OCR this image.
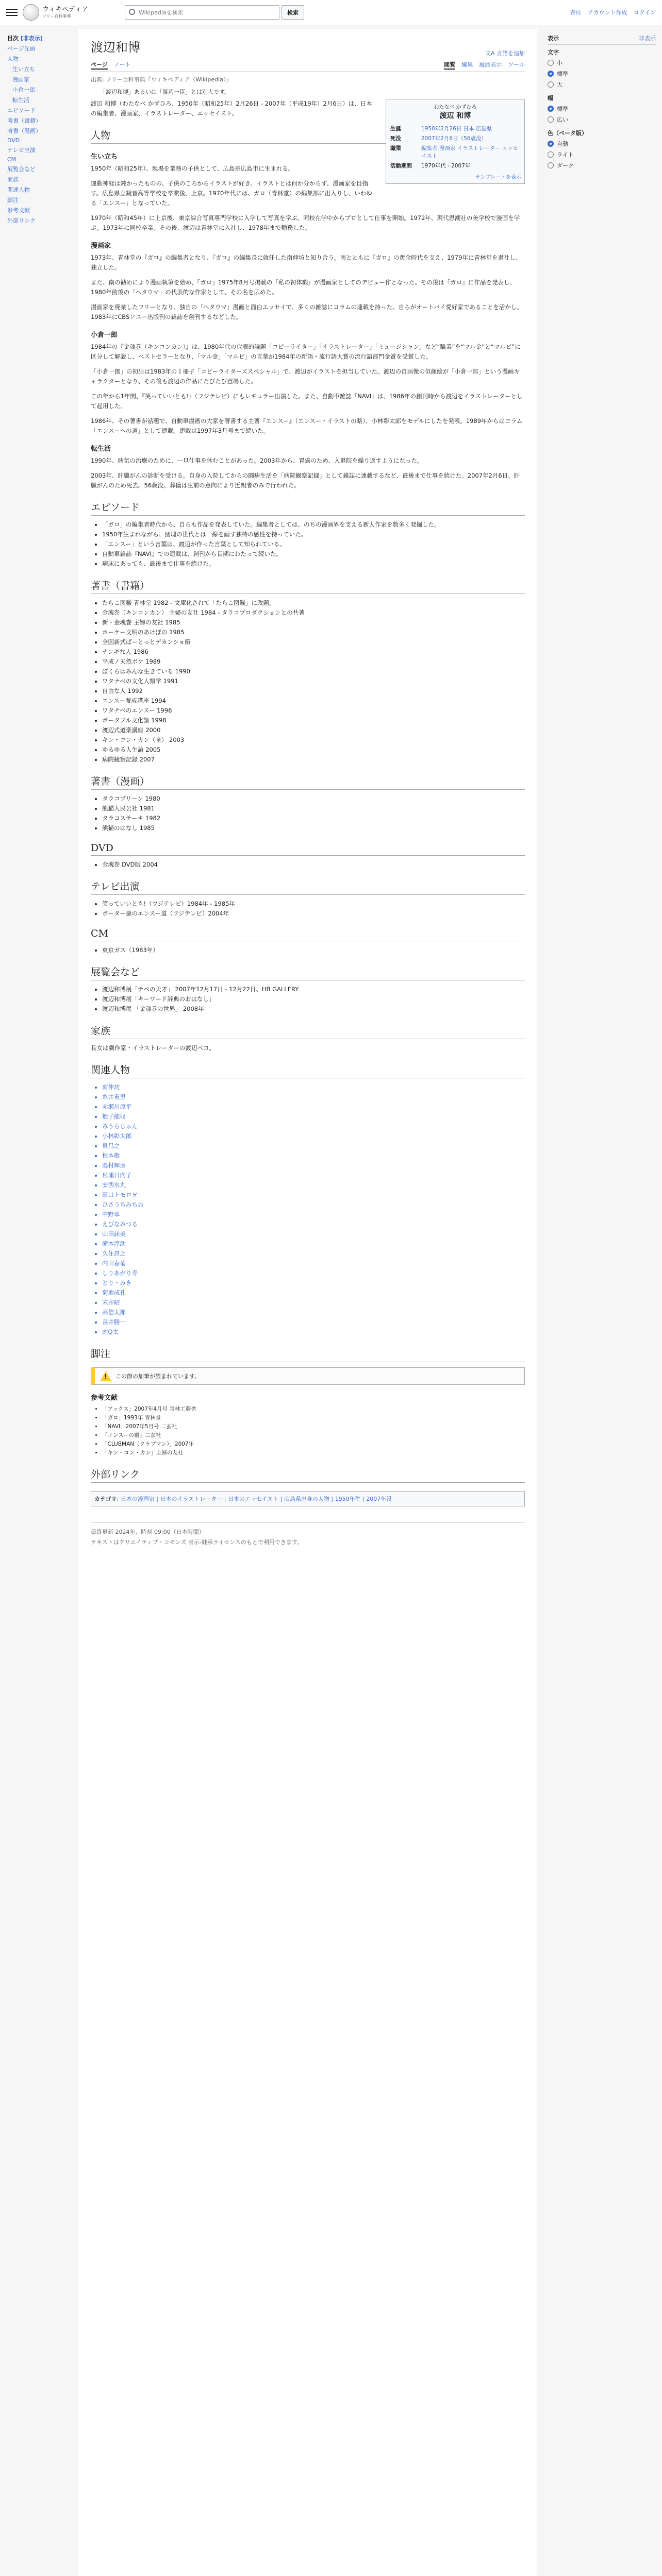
ウィキペディア
フリー百科事典	Wikipediaを検索	検索	寄付 アカウント作成 ログイン
目次 [非表示]
ページ先頭
人物
生い立ち
漫画家
小倉一郎
転生活
エピソード
著書（書籍）
著書（漫画）
DVD
テレビ出演
CM
展覧会など
家族
関連人物
脚注
参考文献
外部リンク
表示	非表示
文字
小
標準
大
幅
標準
広い
色（ベータ版）
自動
ライト
ダーク
渡辺和博	文A 言語を追加
ページ ノート	閲覧 編集 履歴表示 ツール
出典: フリー百科事典『ウィキペディア（Wikipedia）』
「渡辺和博」あるいは「渡辺一臣」とは別人です。
わたなべ かずひろ
渡辺 和博
生誕	1950年2月26日 日本 広島県
死没	2007年2月6日（56歳没）
職業	編集者 漫画家 イラストレーター エッセイスト
活動期間	1970年代 - 2007年
テンプレートを表示

渡辺 和博（わたなべ かずひろ、1950年（昭和25年）2月26日 - 2007年（平成19年）2月6日）は、日本の編集者、漫画家、イラストレーター、エッセイスト。

人物
生い立ち

1950年（昭和25年）、現場を業務の子供として、広島県広島市に生まれる。

運動神経は鈍かったものの、子供のころからイラストが好き。イラストとは何か分からず、漫画家を目指す。広島県立観音高等学校を卒業後、上京。1970年代には、ガロ（青林堂）の編集部に出入りし、いわゆる「エンスー」となっていた。

1970年（昭和45年）に上京後、東京綜合写真専門学校に入学して写真を学ぶ。同校在学中からプロとして仕事を開始。1972年、現代思潮社の美学校で漫画を学ぶ。1973年に同校卒業。その後、渡辺は青林堂に入社し、1978年まで勤務した。

漫画家

1973年、青林堂の『ガロ』の編集者となり、『ガロ』の編集長に就任した南伸坊と知り合う。南とともに『ガロ』の黄金時代を支え、1979年に青林堂を退社し、独立した。

また、南の勧めにより漫画執筆を始め、『ガロ』1975年8月号掲載の『私の初体験』が漫画家としてのデビュー作となった。その後は『ガロ』に作品を発表し、1980年前後の「ヘタウマ」の代表的な作家として、その名を広めた。

漫画家を廃業したフリーとなり、独自の「ヘタウマ」漫画と面白エッセイで、多くの雑誌にコラムの連載を持った。自らがオートバイ愛好家であることを活かし、1983年にCBSソニー出版刊の雑誌を創刊するなどした。

小倉一郎

1984年の『金魂巻（キンコンカン）』は、1980年代の代表的論題「コピーライター」「イラストレーター」「ミュージシャン」など“職業”を“マル金”と“マルビ”に区分して解説し、ベストセラーとなり、「マル金」「マルビ」の言葉が1984年の新語・流行語大賞の流行語部門金賞を受賞した。

「小倉一郎」の初出は1983年の１冊子「コピーライターズスペシャル」で、渡辺がイラストを担当していた。渡辺の自画像の似顔絵が「小倉一郎」という漫画キャラクターとなり、その後も渡辺の作品にたびたび登場した。

この年から1年間、『笑っていいとも!』（フジテレビ）にもレギュラー出演した。また、自動車雑誌「NAVI」は、1986年の創刊時から渡辺をイラストレーターとして起用した。

1986年、その著書が話題で、自動車漫画の大家を著書する主著『エンスー』（エンスー・イラストの略）、小林彰太郎をモデルにしたを発表。1989年からはコラム「エンスーへの道」として連載。連載は1997年3月号まで続いた。

転生活

1990年、病気の治療のために、一旦仕事を休むことがあった。2003年から、胃癌のため、入退院を繰り返すようになった。

2003年、肝臓がんの診断を受ける。自身の入院してからの闘病生活を「病院観察記録」として雑誌に連載するなど、最後まで仕事を続けた。2007年2月6日、肝臓がんのため死去。56歳没。葬儀は生前の意向により近親者のみで行われた。

エピソード
• 「ガロ」の編集者時代から、自らも作品を発表していた。編集者としては、のちの漫画界を支える新人作家を数多く発掘した。
• 1950年生まれながら、団塊の世代とは一線を画す独特の感性を持っていた。
• 「エンスー」という言葉は、渡辺が作った言葉として知られている。
• 自動車雑誌『NAVI』での連載は、創刊から長期にわたって続いた。
• 病床にあっても、最後まで仕事を続けた。
著書（書籍）
• たらこ図鑑 青林堂 1982 - 文庫化されて「たらこ図鑑」に改題。
• 金魂巻（キンコンカン） 主婦の友社 1984 - タラコプロダクションとの共著
• 新・金魂巻 主婦の友社 1985
• ホーケー文明のあけぼの 1985
• 全国新式ばーとっとデカンショ節
• ナンギな人 1986
• 平成ノ天然ボケ 1989
• ぼくらはみんな生きている 1990
• ワタナベの文化人類学 1991
• 自由な人 1992
• エンスー養成講座 1994
• ワタナベのエンスー 1996
• ポータブル文化論 1998
• 渡辺式道楽講座 2000
• キン・コン・カン（全） 2003
• ゆるゆる人生論 2005
• 病院観察記録 2007
著書（漫画）
• タラコプリーン 1980
• 熊猫人民公社 1981
• タラコステーキ 1982
• 熊猫のはなし 1985
DVD
• 金魂巻 DVD版 2004
テレビ出演
• 笑っていいとも!（フジテレビ）1984年 - 1985年
• ポーター爺のエンスー道（フジテレビ）2004年
CM
• 東京ガス（1983年）
展覧会など
• 渡辺和博展「テペの天才」 2007年12月17日 - 12月22日、HB GALLERY
• 渡辺和博展「キーワード辞典のおはなし」
• 渡辺和博展 「金魂巻の世界」 2008年
家族

長女は劇作家・イラストレーターの渡辺ペコ。

関連人物
• 南伸坊
• 糸井重里
• 赤瀬川原平
• 蛭子能収
• みうらじゅん
• 小林彰太郎
• 泉昌之
• 根本敬
• 湯村輝彦
• 杉浦日向子
• 安西水丸
• 田口トモロヲ
• ひさうちみちお
• 中野翠
• えびなみつる
• 山田詠美
• 滝本淳助
• 久住昌之
• 内田春菊
• しりあがり寿
• とり・みき
• 菊地成孔
• 末井昭
• 高信太郎
• 長井勝一
• 南Q太
脚注
!
この節の加筆が望まれています。
参考文献
• 「アックス」2007年4月号 青林工藝舎
• 「ガロ」1993年 青林堂
• 「NAVI」2007年5月号 二玄社
• 「エンスーの道」二玄社
• 「CLUBMAN（クラブマン）」2007年
• 「キン・コン・カン」主婦の友社
外部リンク
カテゴリ: 日本の漫画家 | 日本のイラストレーター | 日本のエッセイスト | 広島県出身の人物 | 1950年生 | 2007年没
最終更新 2024年、時刻 09:00（日本時間）
テキストはクリエイティブ・コモンズ 表示-継承ライセンスのもとで利用できます。
